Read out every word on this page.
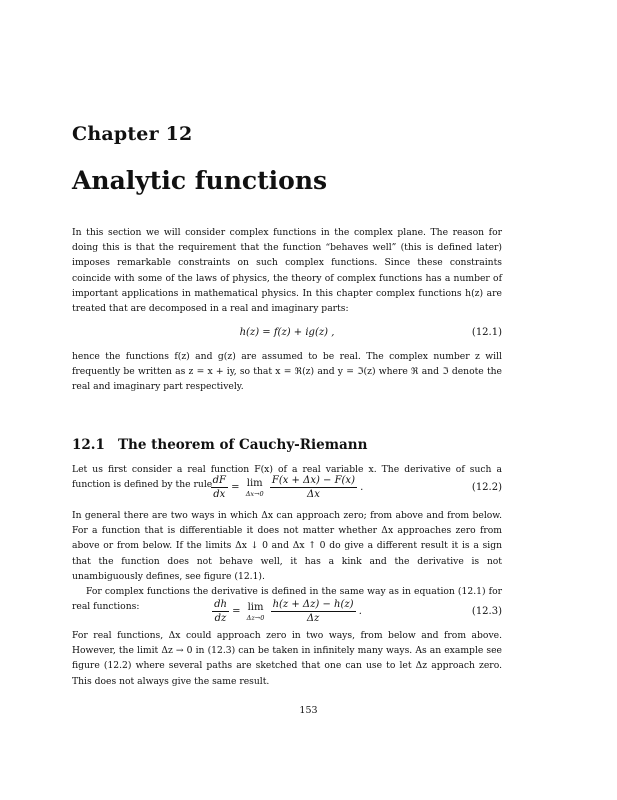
Chapter 12
Analytic functions

In this section we will consider complex functions in the complex plane. The reason for doing this is that the requirement that the function “behaves well” (this is defined later) imposes remarkable constraints on such complex functions. Since these constraints coincide with some of the laws of physics, the theory of complex functions has a number of important applications in mathematical physics. In this chapter complex functions h(z) are treated that are decomposed in a real and imaginary parts:

h(z) = f(z) + ig(z) ,	(12.1)

hence the functions f(z) and g(z) are assumed to be real. The complex number z will frequently be written as z = x + iy, so that x = ℜ(z) and y = ℑ(z) where ℜ and ℑ denote the real and imaginary part respectively.

12.1 The theorem of Cauchy-Riemann

Let us first consider a real function F(x) of a real variable x. The derivative of such a function is defined by the rule

$\frac{dF}{dx} = \lim$
Δx→0
$\frac{F(x + \Delta x) - F(x)}{\Delta x}$ .	(12.2)

In general there are two ways in which Δx can approach zero; from above and from below. For a function that is differentiable it does not matter whether Δx approaches zero from above or from below. If the limits Δx ↓ 0 and Δx ↑ 0 do give a different result it is a sign that the function does not behave well, it has a kink and the derivative is not unambiguously defines, see figure (12.1).

For complex functions the derivative is defined in the same way as in equation (12.1) for real functions:	$\frac{dh}{dz} = \lim$
Δz→0
$\frac{h(z + \Delta z) - h(z)}{\Delta z}$ .	(12.3)

For real functions, Δx could approach zero in two ways, from below and from above. However, the limit Δz → 0 in (12.3) can be taken in infinitely many ways. As an example see figure (12.2) where several paths are sketched that one can use to let Δz approach zero. This does not always give the same result.

153
